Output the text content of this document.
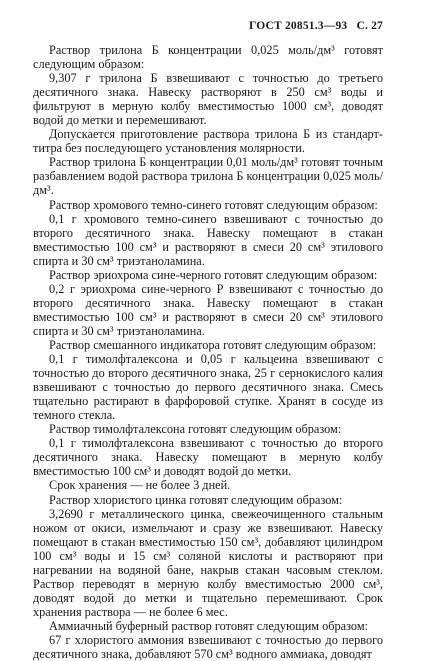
ГОСТ 20851.3—93 С. 27

Раствор трилона Б концентрации 0,025 моль/дм³ готовят следующим образом:

9,307 г трилона Б взвешивают с точностью до третьего десятичного знака. Навеску растворяют в 250 см³ воды и фильтруют в мерную колбу вместимостью 1000 см³, доводят водой до метки и перемешивают.

Допускается приготовление раствора трилона Б из стандарт-титра без последующего установления молярности.

Раствор трилона Б концентрации 0,01 моль/дм³ готовят точным разбавлением водой раствора трилона Б концентрации 0,025 моль/дм³.

Раствор хромового темно-синего готовят следующим образом:

0,1 г хромового темно-синего взвешивают с точностью до второго десятичного знака. Навеску помещают в стакан вместимостью 100 см³ и растворяют в смеси 20 см³ этилового спирта и 30 см³ триэтаноламина.

Раствор эриохрома сине-черного готовят следующим образом:

0,2 г эриохрома сине-черного Р взвешивают с точностью до второго десятичного знака. Навеску помещают в стакан вместимостью 100 см³ и растворяют в смеси 20 см³ этилового спирта и 30 см³ триэтаноламина.

Раствор смешанного индикатора готовят следующим образом:

0,1 г тимолфталексона и 0,05 г кальцеина взвешивают с точностью до второго десятичного знака, 25 г сернокислого калия взвешивают с точностью до первого десятичного знака. Смесь тщательно растирают в фарфоровой ступке. Хранят в сосуде из темного стекла.

Раствор тимолфталексона готовят следующим образом:

0,1 г тимолфталексона взвешивают с точностью до второго десятичного знака. Навеску помещают в мерную колбу вместимостью 100 см³ и доводят водой до метки.

Срок хранения — не более 3 дней.

Раствор хлористого цинка готовят следующим образом:

3,2690 г металлического цинка, свежеочищенного стальным ножом от окиси, измельчают и сразу же взвешивают. Навеску помещают в стакан вместимостью 150 см³, добавляют цилиндром 100 см³ воды и 15 см³ соляной кислоты и растворяют при нагревании на водяной бане, накрыв стакан часовым стеклом. Раствор переводят в мерную колбу вместимостью 2000 см³, доводят водой до метки и тщательно перемешивают. Срок хранения раствора — не более 6 мес.

Аммиачный буферный раствор готовят следующим образом:

67 г хлористого аммония взвешивают с точностью до первого десятичного знака, добавляют 570 см³ водного аммиака, доводят
